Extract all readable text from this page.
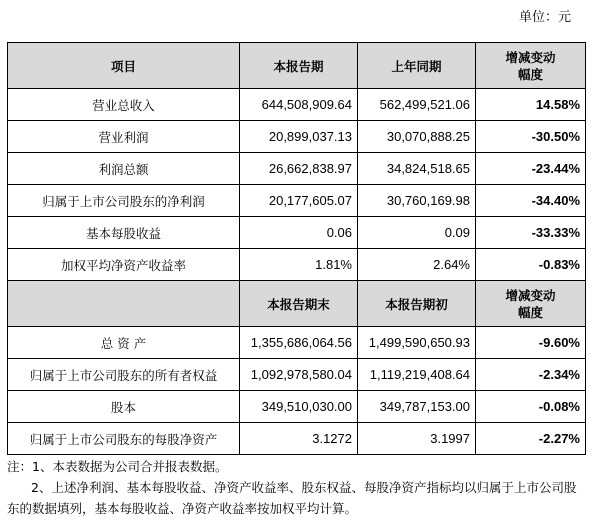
单位：元
项目	本报告期	上年同期	增减变动
幅度

营业总收入	644,508,909.64	562,499,521.06	14.58%
营业利润	20,899,037.13	30,070,888.25	-30.50%
利润总额	26,662,838.97	34,824,518.65	-23.44%
归属于上市公司股东的净利润	20,177,605.07	30,760,169.98	-34.40%
基本每股收益	0.06	0.09	-33.33%
加权平均净资产收益率	1.81%	2.64%	-0.83%
	本报告期末	本报告期初	增减变动
幅度

总 资 产	1,355,686,064.56	1,499,590,650.93	-9.60%
归属于上市公司股东的所有者权益	1,092,978,580.04	1,119,219,408.64	-2.34%
股本	349,510,030.00	349,787,153.00	-0.08%
归属于上市公司股东的每股净资产	3.1272	3.1997	-2.27%
注：1、本表数据为公司合并报表数据。
2、上述净利润、基本每股收益、净资产收益率、股东权益、每股净资产指标均以归属于上市公司股东的数据填列，基本每股收益、净资产收益率按加权平均计算。
